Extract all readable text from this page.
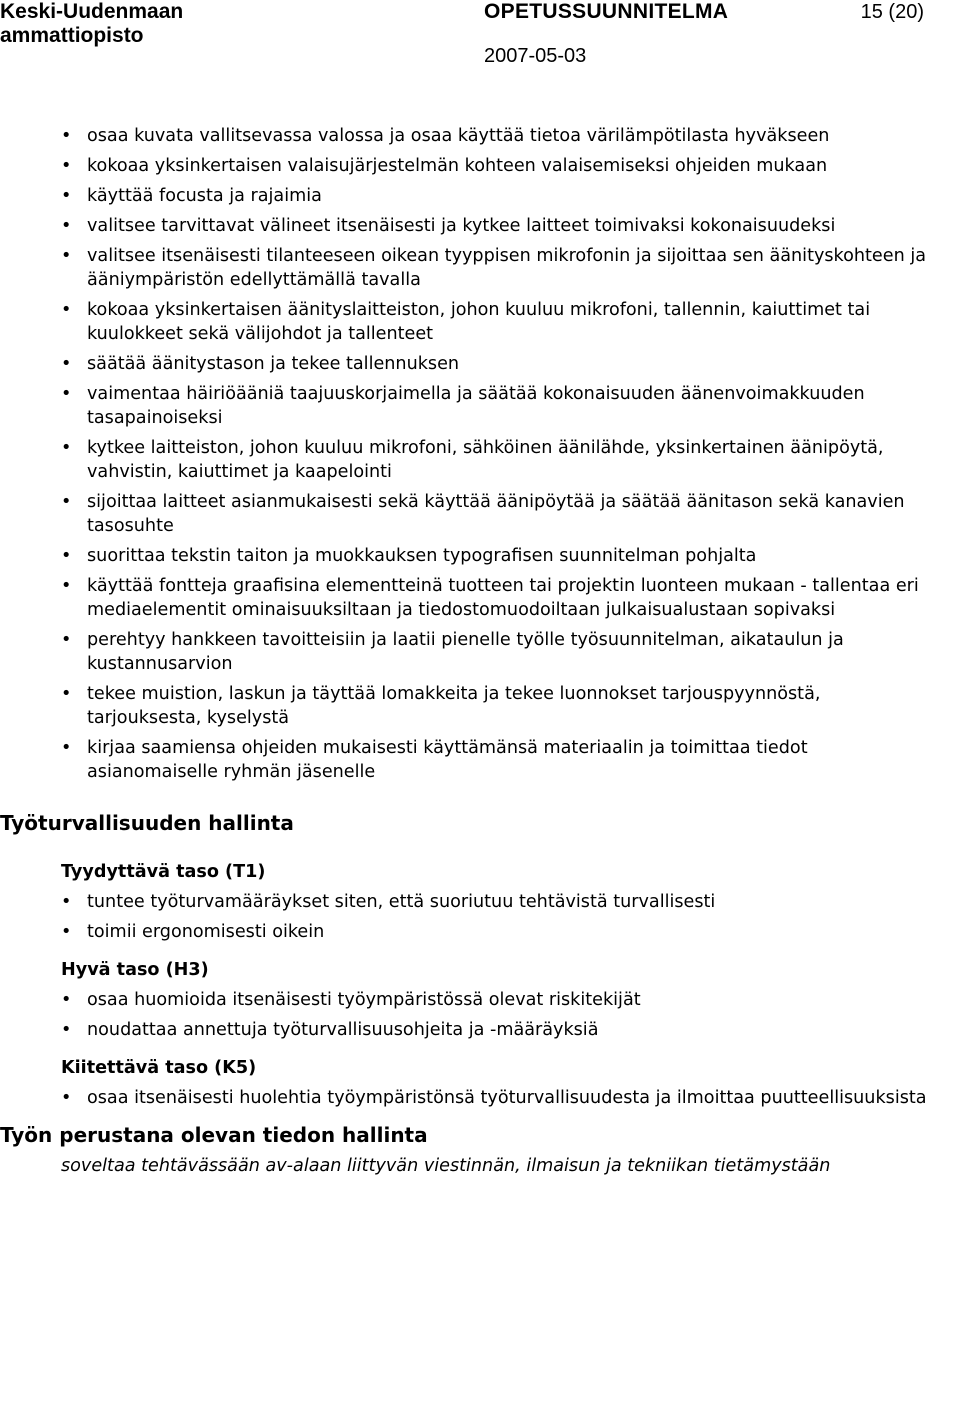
Keski-Uudenmaan
ammattiopisto
OPETUSSUUNNITELMA	15 (20)
2007-05-03
• osaa kuvata vallitsevassa valossa ja osaa käyttää tietoa värilämpötilasta hyväkseen
• kokoaa yksinkertaisen valaisujärjestelmän kohteen valaisemiseksi ohjeiden mukaan
• käyttää focusta ja rajaimia
• valitsee tarvittavat välineet itsenäisesti ja kytkee laitteet toimivaksi kokonaisuudeksi
• valitsee itsenäisesti tilanteeseen oikean tyyppisen mikrofonin ja sijoittaa sen äänityskohteen ja ääniympäristön edellyttämällä tavalla
• kokoaa yksinkertaisen äänityslaitteiston, johon kuuluu mikrofoni, tallennin, kaiuttimet tai kuulokkeet sekä välijohdot ja tallenteet
• säätää äänitystason ja tekee tallennuksen
• vaimentaa häiriöääniä taajuuskorjaimella ja säätää kokonaisuuden äänenvoimakkuuden tasapainoiseksi
• kytkee laitteiston, johon kuuluu mikrofoni, sähköinen äänilähde, yksinkertainen äänipöytä, vahvistin, kaiuttimet ja kaapelointi
• sijoittaa laitteet asianmukaisesti sekä käyttää äänipöytää ja säätää äänitason sekä kanavien tasosuhte
• suorittaa tekstin taiton ja muokkauksen typografisen suunnitelman pohjalta
• käyttää fontteja graafisina elementteinä tuotteen tai projektin luonteen mukaan - tallentaa eri mediaelementit ominaisuuksiltaan ja tiedostomuodoiltaan julkaisualustaan sopivaksi
• perehtyy hankkeen tavoitteisiin ja laatii pienelle työlle työsuunnitelman, aikataulun ja kustannusarvion
• tekee muistion, laskun ja täyttää lomakkeita ja tekee luonnokset tarjouspyynnöstä, tarjouksesta, kyselystä
• kirjaa saamiensa ohjeiden mukaisesti käyttämänsä materiaalin ja toimittaa tiedot asianomaiselle ryhmän jäsenelle
Työturvallisuuden hallinta
Tyydyttävä taso (T1)
• tuntee työturvamääräykset siten, että suoriutuu tehtävistä turvallisesti
• toimii ergonomisesti oikein
Hyvä taso (H3)
• osaa huomioida itsenäisesti työympäristössä olevat riskitekijät
• noudattaa annettuja työturvallisuusohjeita ja -määräyksiä
Kiitettävä taso (K5)
• osaa itsenäisesti huolehtia työympäristönsä työturvallisuudesta ja ilmoittaa puutteellisuuksista
Työn perustana olevan tiedon hallinta

soveltaa tehtävässään av-alaan liittyvän viestinnän, ilmaisun ja tekniikan tietämystään
